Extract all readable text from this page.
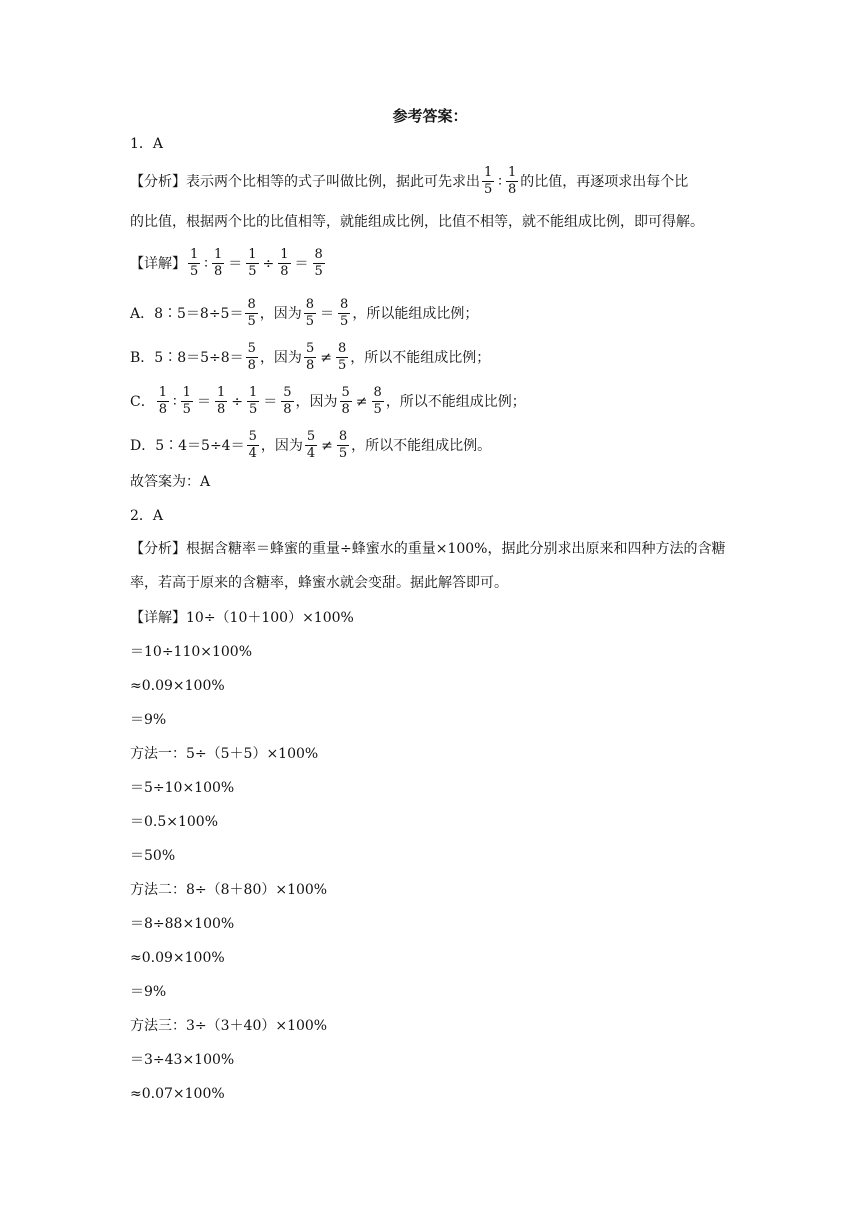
参考答案：
1．A
【分析】表示两个比相等的式子叫做比例，据此可先求出
1
5 ∶
1
8 的比值，再逐项求出每个比
的比值，根据两个比的比值相等，就能组成比例，比值不相等，就不能组成比例，即可得解。
【详解】
1
5 ∶
1
$8 = \frac{1}{5} \div \frac{1}{8}$ ＝
8
5
A．8∶5＝8÷5＝
8
5 ，因为
8
5 ＝
8
5 ，所以能组成比例；
B．5∶8＝5÷8＝
5
8 ，因为
5
8 ≠
8
5 ，所以不能组成比例；
C．
1
8 ∶
1
$5 = \frac{1}{8} \div \frac{1}{5}$ ＝
5
8 ，因为
5
8 ≠
8
5 ，所以不能组成比例；
D．5∶4＝5÷4＝
5
4 ，因为
5
4 ≠
8
5 ，所以不能组成比例。
故答案为：A
2．A
【分析】根据含糖率＝蜂蜜的重量÷蜂蜜水的重量×100%，据此分别求出原来和四种方法的含糖率，若高于原来的含糖率，蜂蜜水就会变甜。据此解答即可。
【详解】10÷（10＋100）×100%
＝10÷110×100%
≈0.09×100%
＝9%
方法一：5÷（5＋5）×100%
＝5÷10×100%
＝0.5×100%
＝50%
方法二：8÷（8＋80）×100%
＝8÷88×100%
≈0.09×100%
＝9%
方法三：3÷（3＋40）×100%
＝3÷43×100%
≈0.07×100%
